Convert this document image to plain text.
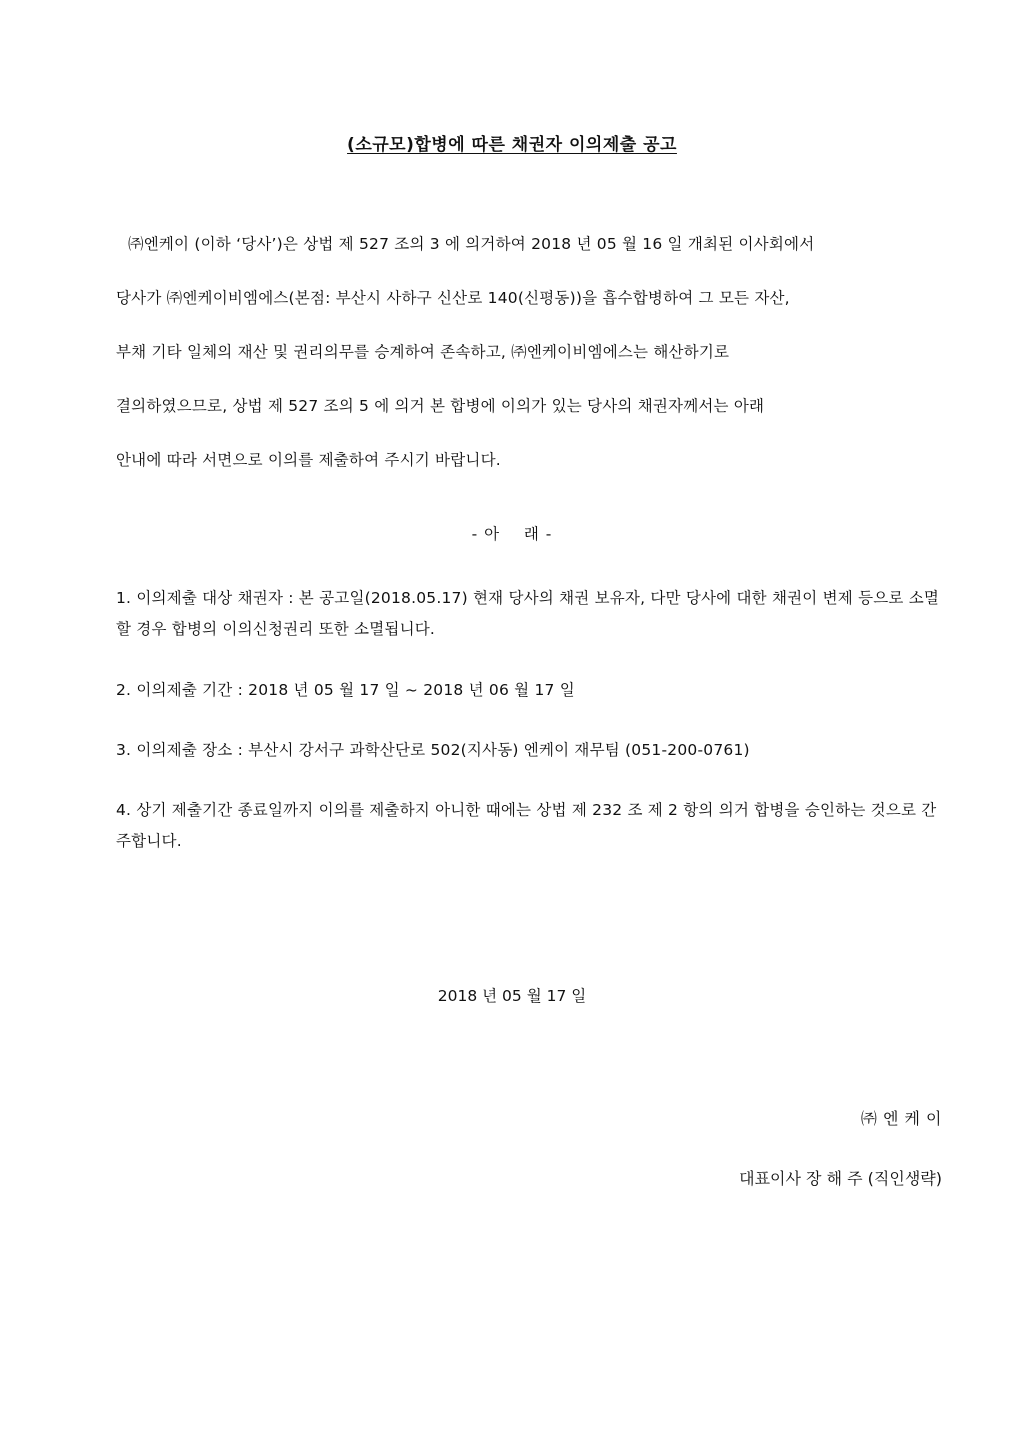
(소규모)합병에 따른 채권자 이의제출 공고
㈜엔케이 (이하 ‘당사’)은 상법 제 527 조의 3 에 의거하여 2018 년 05 월 16 일 개최된 이사회에서
당사가 ㈜엔케이비엠에스(본점: 부산시 사하구 신산로 140(신평동))을 흡수합병하여 그 모든 자산,
부채 기타 일체의 재산 및 권리의무를 승계하여 존속하고, ㈜엔케이비엠에스는 해산하기로
결의하였으므로, 상법 제 527 조의 5 에 의거 본 합병에 이의가 있는 당사의 채권자께서는 아래
안내에 따라 서면으로 이의를 제출하여 주시기 바랍니다.
- 아    래 -
1. 이의제출 대상 채권자 : 본 공고일(2018.05.17) 현재 당사의 채권 보유자, 다만 당사에 대한 채권이 변제 등으로 소멸할 경우 합병의 이의신청권리 또한 소멸됩니다.
2. 이의제출 기간 : 2018 년 05 월 17 일 ~ 2018 년 06 월 17 일
3. 이의제출 장소 : 부산시 강서구 과학산단로 502(지사동) 엔케이 재무팀 (051-200-0761)
4. 상기 제출기간 종료일까지 이의를 제출하지 아니한 때에는 상법 제 232 조 제 2 항의 의거 합병을 승인하는 것으로 간주합니다.
2018 년 05 월 17 일
㈜ 엔 케 이
대표이사 장 해 주 (직인생략)
